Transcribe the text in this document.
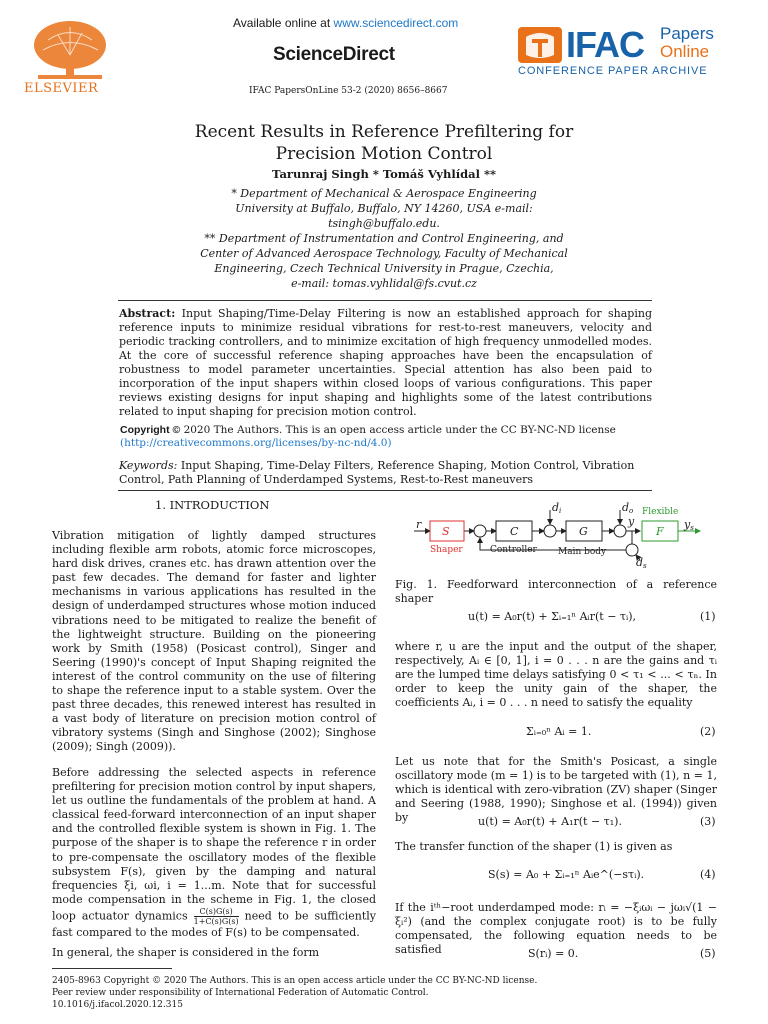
ELSEVIER
Available online at www.sciencedirect.com
ScienceDirect
IFAC PapersOnLine 53-2 (2020) 8656–8667
IFAC Papers
Online
CONFERENCE PAPER ARCHIVE
Recent Results in Reference Prefiltering for
Precision Motion Control
Tarunraj Singh * Tomáš Vyhlídal **
* Department of Mechanical & Aerospace Engineering
University at Buffalo, Buffalo, NY 14260, USA e-mail:
tsingh@buffalo.edu.
** Department of Instrumentation and Control Engineering, and
Center of Advanced Aerospace Technology, Faculty of Mechanical
Engineering, Czech Technical University in Prague, Czechia,
e-mail: tomas.vyhlidal@fs.cvut.cz
Abstract: Input Shaping/Time-Delay Filtering is now an established approach for shaping reference inputs to minimize residual vibrations for rest-to-rest maneuvers, velocity and periodic tracking controllers, and to minimize excitation of high frequency unmodelled modes. At the core of successful reference shaping approaches have been the encapsulation of robustness to model parameter uncertainties. Special attention has also been paid to incorporation of the input shapers within closed loops of various configurations. This paper reviews existing designs for input shaping and highlights some of the latest contributions related to input shaping for precision motion control.
Copyright © 2020 The Authors. This is an open access article under the CC BY-NC-ND license
(http://creativecommons.org/licenses/by-nc-nd/4.0)
Keywords: Input Shaping, Time-Delay Filters, Reference Shaping, Motion Control, Vibration Control, Path Planning of Underdamped Systems, Rest-to-Rest maneuvers
1. INTRODUCTION
Vibration mitigation of lightly damped structures including flexible arm robots, atomic force microscopes, hard disk drives, cranes etc. has drawn attention over the past few decades. The demand for faster and lighter mechanisms in various applications has resulted in the design of underdamped structures whose motion induced vibrations need to be mitigated to realize the benefit of the lightweight structure. Building on the pioneering work by Smith (1958) (Posicast control), Singer and Seering (1990)'s concept of Input Shaping reignited the interest of the control community on the use of filtering to shape the reference input to a stable system. Over the past three decades, this renewed interest has resulted in a vast body of literature on precision motion control of vibratory systems (Singh and Singhose (2002); Singhose (2009); Singh (2009)).
Before addressing the selected aspects in reference prefiltering for precision motion control by input shapers, let us outline the fundamentals of the problem at hand. A classical feed-forward interconnection of an input shaper and the controlled flexible system is shown in Fig. 1. The purpose of the shaper is to shape the reference r in order to pre-compensate the oscillatory modes of the flexible subsystem F(s), given by the damping and natural frequencies ξi, ωi, i = 1...m. Note that for successful mode compensation in the scheme in Fig. 1, the closed loop actuator dynamics $\frac{C(s)G(s)}{1+C(s)G(s)}$ need to be sufficiently fast compared to the modes of F(s) to be compensated.
In general, the shaper is considered in the form
r
S	C	G	F
di	do
y	ys
ds
Shaper	Controller Main body
Flexible
Fig. 1. Feedforward interconnection of a reference shaper
u(t) = A₀r(t) + Σᵢ₌₁ⁿ Aᵢr(t − τᵢ),	(1)
where r, u are the input and the output of the shaper, respectively, Aᵢ ∈ [0, 1], i = 0 . . . n are the gains and τᵢ are the lumped time delays satisfying 0 < τ₁ < ... < τₙ. In order to keep the unity gain of the shaper, the coefficients Aᵢ, i = 0 . . . n need to satisfy the equality
Σᵢ₌₀ⁿ Aᵢ = 1.	(2)
Let us note that for the Smith's Posicast, a single oscillatory mode (m = 1) is to be targeted with (1), n = 1, which is identical with zero-vibration (ZV) shaper (Singer and Seering (1988, 1990); Singhose et al. (1994)) given by	u(t) = A₀r(t) + A₁r(t − τ₁).	(3)
The transfer function of the shaper (1) is given as
S(s) = A₀ + Σᵢ₌₁ⁿ Aᵢe^(−sτᵢ).	(4)
If the iᵗʰ−root underdamped mode: rᵢ = −ξᵢωᵢ − jωᵢ√(1 − ξᵢ²) (and the complex conjugate root) is to be fully compensated, the following equation needs to be satisfied	S(rᵢ) = 0.	(5)
2405-8963 Copyright © 2020 The Authors. This is an open access article under the CC BY-NC-ND license.
Peer review under responsibility of International Federation of Automatic Control.
10.1016/j.ifacol.2020.12.315
